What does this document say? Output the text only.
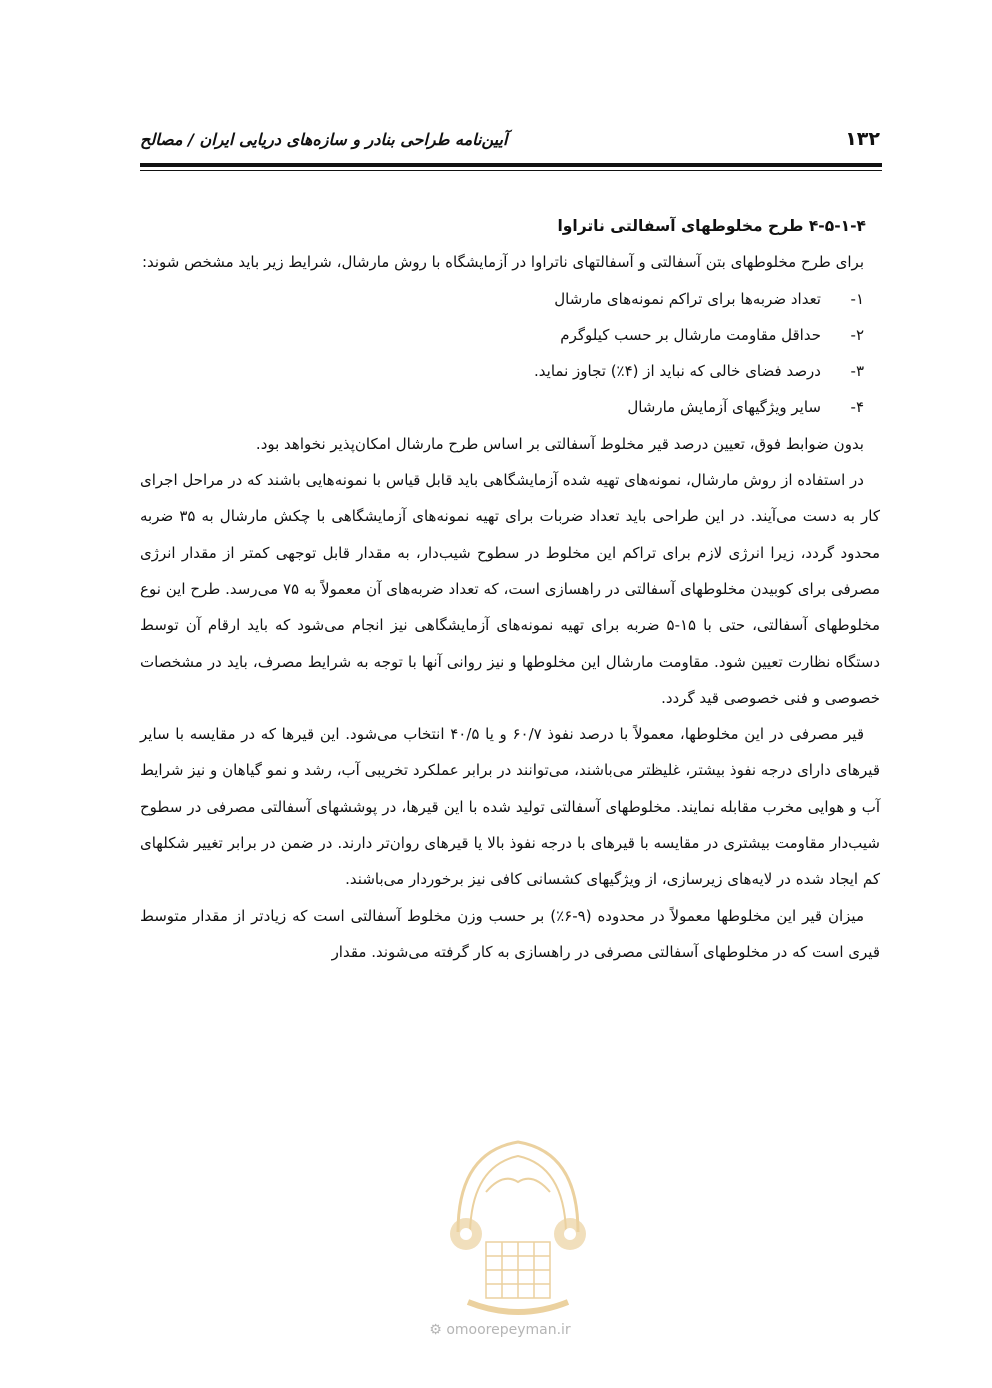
۱۳۲
آیین‌نامه طراحی بنادر و سازه‌های دریایی ایران / مصالح

۴-۵-۱-۴ طرح مخلوطهای آسفالتی ناتراوا

برای طرح مخلوطهای بتن آسفالتی و آسفالتهای ناتراوا در آزمایشگاه با روش مارشال، شرایط زیر باید مشخص شوند:

۱-
تعداد ضربه‌ها برای تراکم نمونه‌های مارشال
۲-
حداقل مقاومت مارشال بر حسب کیلوگرم
۳-
درصد فضای خالی که نباید از (۴٪) تجاوز نماید.
۴-
سایر ویژگیهای آزمایش مارشال

بدون ضوابط فوق، تعیین درصد قیر مخلوط آسفالتی بر اساس طرح مارشال امکان‌پذیر نخواهد بود.

در استفاده از روش مارشال، نمونه‌های تهیه شده آزمایشگاهی باید قابل قیاس با نمونه‌هایی باشند که در مراحل اجرای کار به دست می‌آیند. در این طراحی باید تعداد ضربات برای تهیه نمونه‌های آزمایشگاهی با چکش مارشال به ۳۵ ضربه محدود گردد، زیرا انرژی لازم برای تراکم این مخلوط در سطوح شیب‌دار، به مقدار قابل توجهی کمتر از مقدار انرژی مصرفی برای کوبیدن مخلوطهای آسفالتی در راهسازی است، که تعداد ضربه‌های آن معمولاً به ۷۵ می‌رسد. طرح این نوع مخلوطهای آسفالتی، حتی با ۱۵-۵ ضربه برای تهیه نمونه‌های آزمایشگاهی نیز انجام می‌شود که باید ارقام آن توسط دستگاه نظارت تعیین شود. مقاومت مارشال این مخلوطها و نیز روانی آنها با توجه به شرایط مصرف، باید در مشخصات خصوصی و فنی خصوصی قید گردد.

قیر مصرفی در این مخلوطها، معمولاً با درصد نفوذ ۶۰/۷ و یا ۴۰/۵ انتخاب می‌شود. این قیرها که در مقایسه با سایر قیرهای دارای درجه نفوذ بیشتر، غلیظتر می‌باشند، می‌توانند در برابر عملکرد تخریبی آب، رشد و نمو گیاهان و نیز شرایط آب و هوایی مخرب مقابله نمایند. مخلوطهای آسفالتی تولید شده با این قیرها، در پوششهای آسفالتی مصرفی در سطوح شیب‌دار مقاومت بیشتری در مقایسه با قیرهای با درجه نفوذ بالا یا قیرهای روان‌تر دارند. در ضمن در برابر تغییر شکلهای کم ایجاد شده در لایه‌های زیرسازی، از ویژگیهای کشسانی کافی نیز برخوردار می‌باشند.

میزان قیر این مخلوطها معمولاً در محدوده (۹-۶٪) بر حسب وزن مخلوط آسفالتی است که زیادتر از مقدار متوسط قیری است که در مخلوطهای آسفالتی مصرفی در راهسازی به کار گرفته می‌شوند. مقدار

⚙ omoorepeyman.ir
